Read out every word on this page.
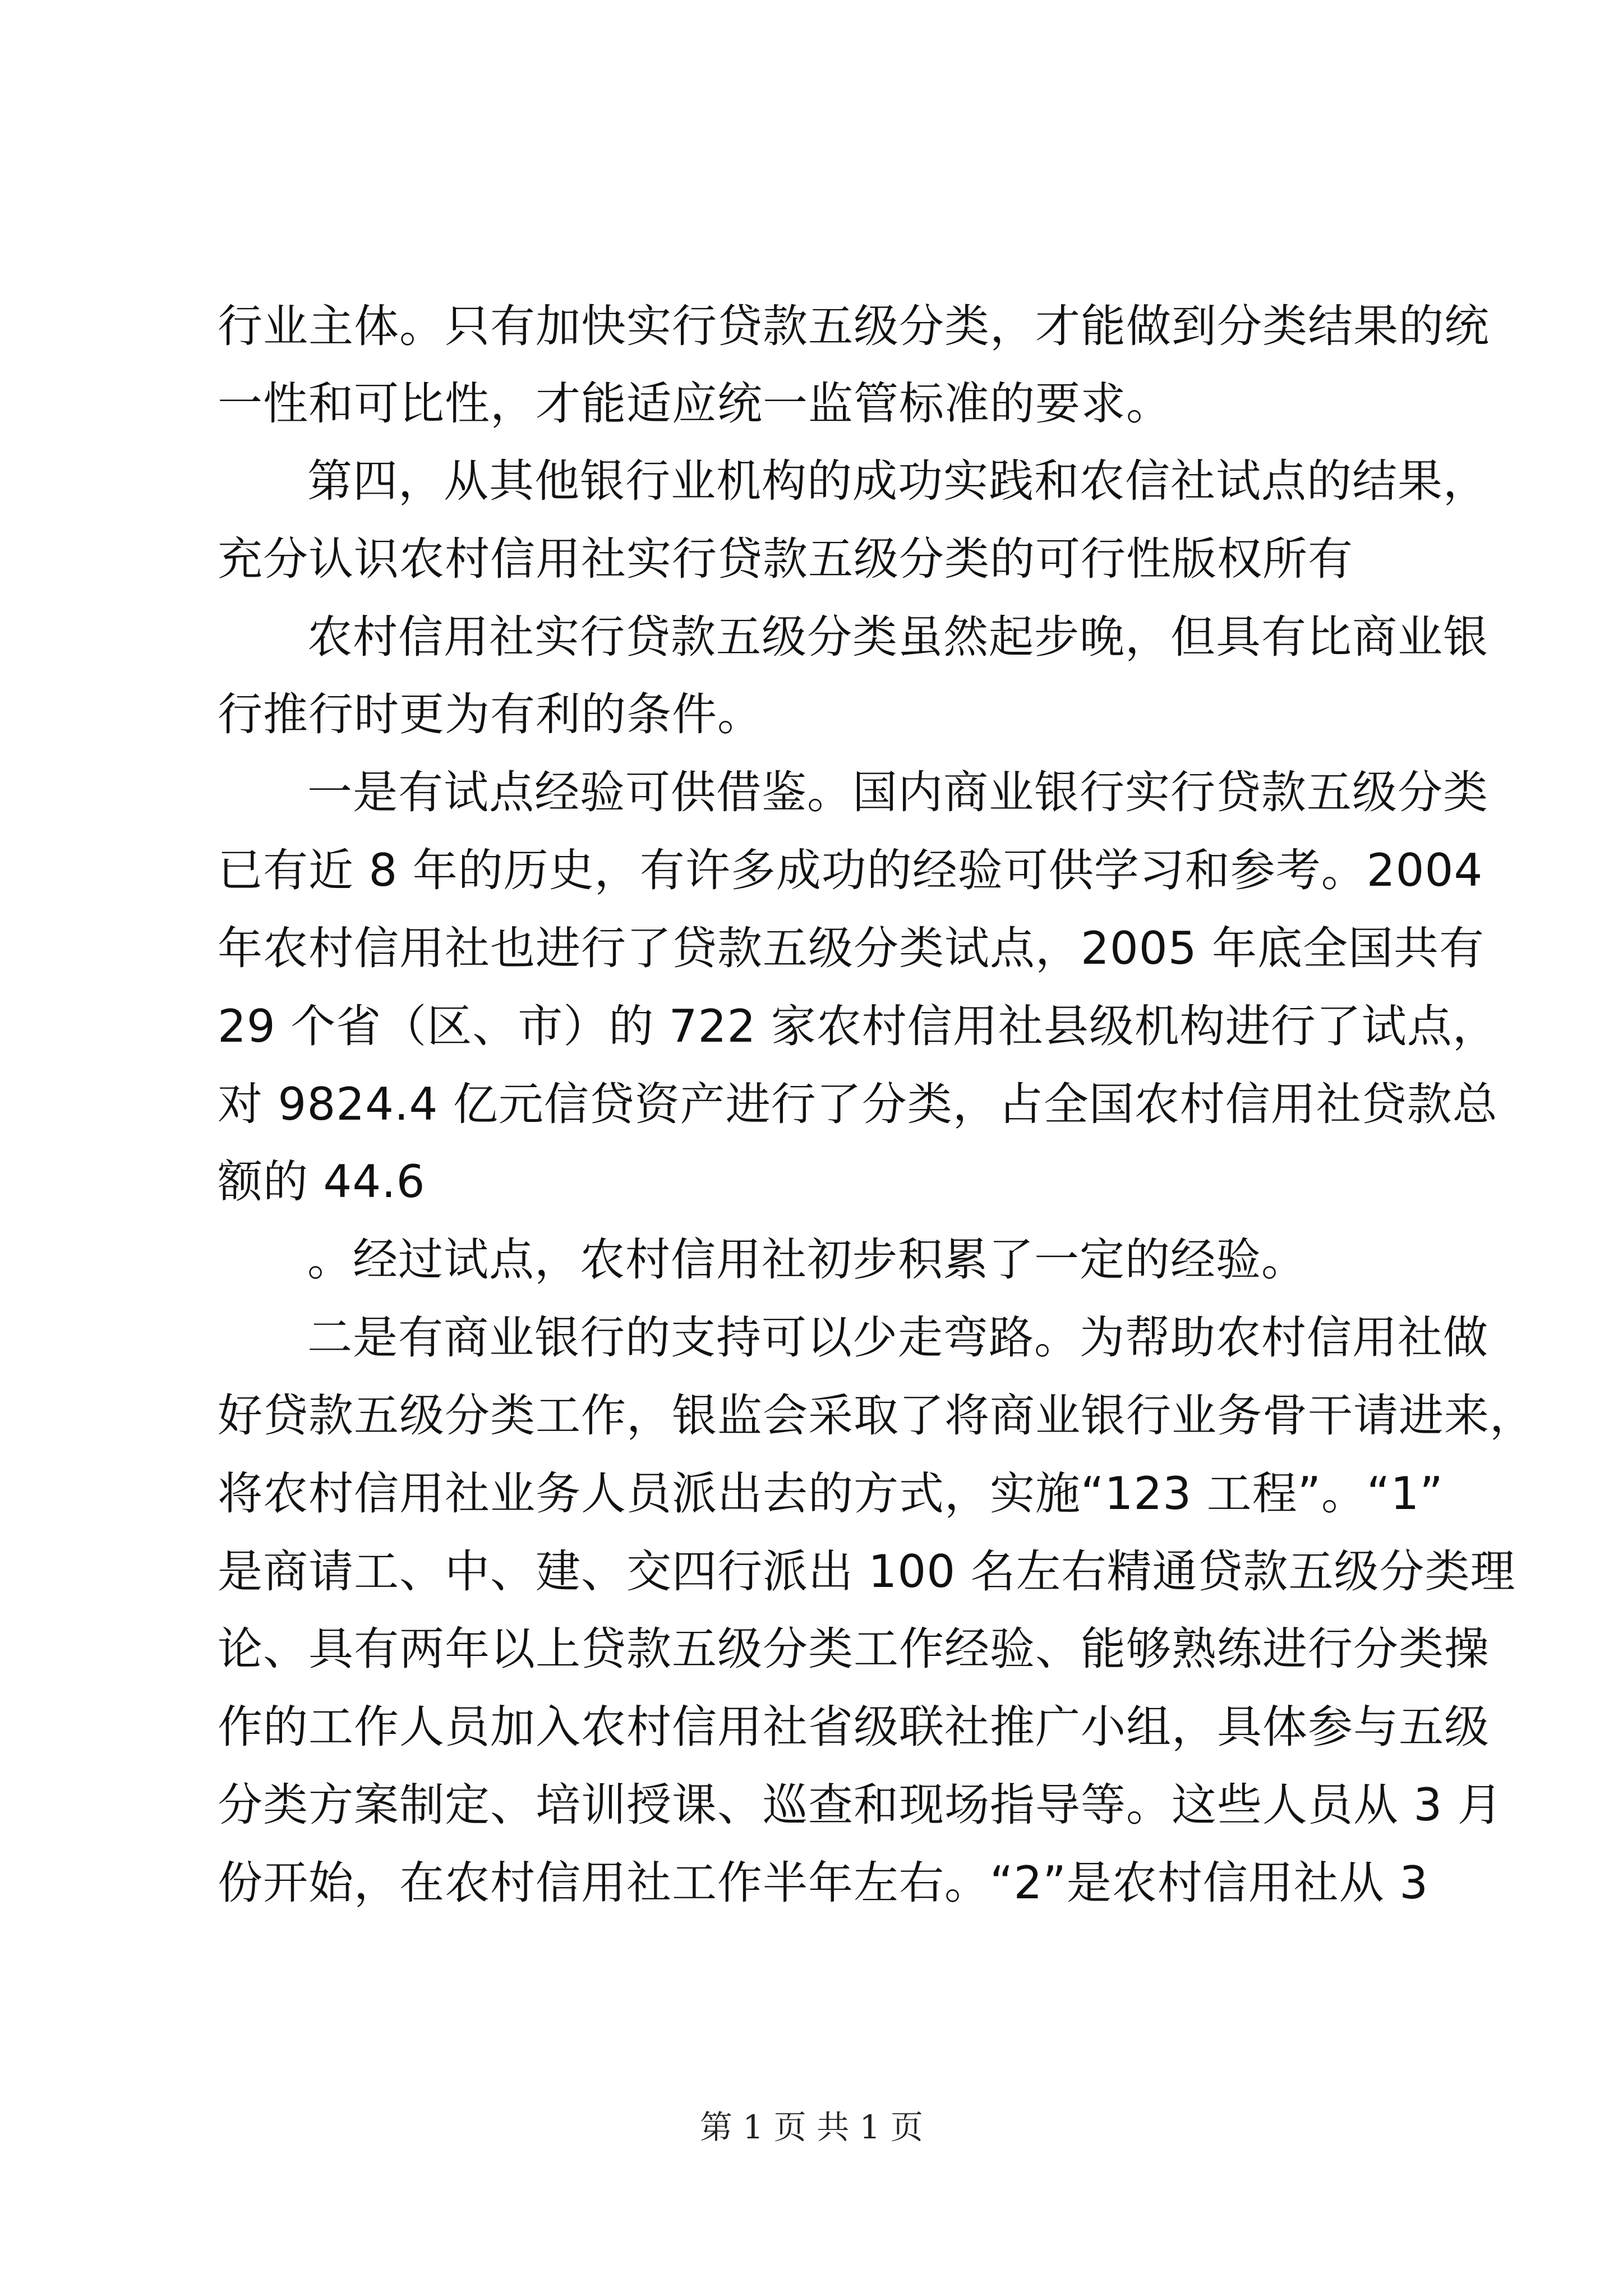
行业主体。只有加快实行贷款五级分类，才能做到分类结果的统
一性和可比性，才能适应统一监管标准的要求。
第四，从其他银行业机构的成功实践和农信社试点的结果，
充分认识农村信用社实行贷款五级分类的可行性版权所有
农村信用社实行贷款五级分类虽然起步晚，但具有比商业银
行推行时更为有利的条件。
一是有试点经验可供借鉴。国内商业银行实行贷款五级分类
已有近 8 年的历史，有许多成功的经验可供学习和参考。2004
年农村信用社也进行了贷款五级分类试点，2005 年底全国共有
29 个省（区、市）的 722 家农村信用社县级机构进行了试点，
对 9824.4 亿元信贷资产进行了分类，占全国农村信用社贷款总
额的 44.6
。经过试点，农村信用社初步积累了一定的经验。
二是有商业银行的支持可以少走弯路。为帮助农村信用社做
好贷款五级分类工作，银监会采取了将商业银行业务骨干请进来，
将农村信用社业务人员派出去的方式，实施“123 工程”。“1”
是商请工、中、建、交四行派出 100 名左右精通贷款五级分类理
论、具有两年以上贷款五级分类工作经验、能够熟练进行分类操
作的工作人员加入农村信用社省级联社推广小组，具体参与五级
分类方案制定、培训授课、巡查和现场指导等。这些人员从 3 月
份开始，在农村信用社工作半年左右。“2”是农村信用社从 3
第 1 页 共 1 页
